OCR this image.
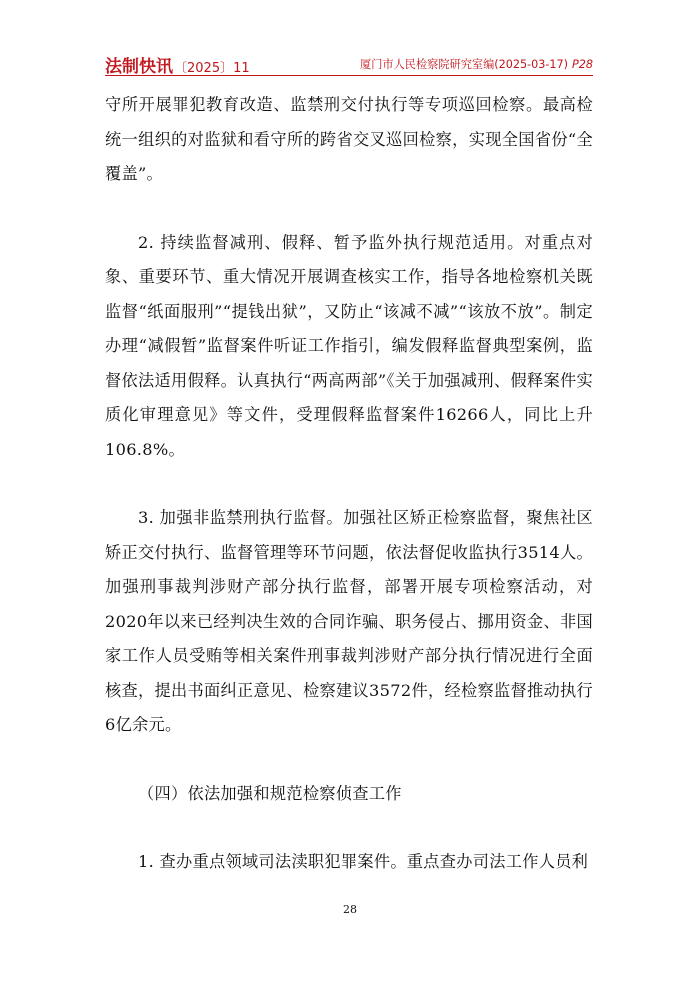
法制快讯〔2025〕11	厦门市人民检察院研究室编(2025-03-17) P28

守所开展罪犯教育改造、监禁刑交付执行等专项巡回检察。最高检统一组织的对监狱和看守所的跨省交叉巡回检察，实现全国省份“全覆盖”。

2. 持续监督减刑、假释、暂予监外执行规范适用。对重点对象、重要环节、重大情况开展调查核实工作，指导各地检察机关既监督“纸面服刑”“提钱出狱”，又防止“该减不减”“该放不放”。制定办理“减假暂”监督案件听证工作指引，编发假释监督典型案例，监督依法适用假释。认真执行“两高两部”《关于加强减刑、假释案件实质化审理意见》等文件，受理假释监督案件16266人，同比上升106.8%。

3. 加强非监禁刑执行监督。加强社区矫正检察监督，聚焦社区矫正交付执行、监督管理等环节问题，依法督促收监执行3514人。加强刑事裁判涉财产部分执行监督，部署开展专项检察活动，对2020年以来已经判决生效的合同诈骗、职务侵占、挪用资金、非国家工作人员受贿等相关案件刑事裁判涉财产部分执行情况进行全面核查，提出书面纠正意见、检察建议3572件，经检察监督推动执行6亿余元。

（四）依法加强和规范检察侦查工作

1. 查办重点领域司法渎职犯罪案件。重点查办司法工作人员利

28
